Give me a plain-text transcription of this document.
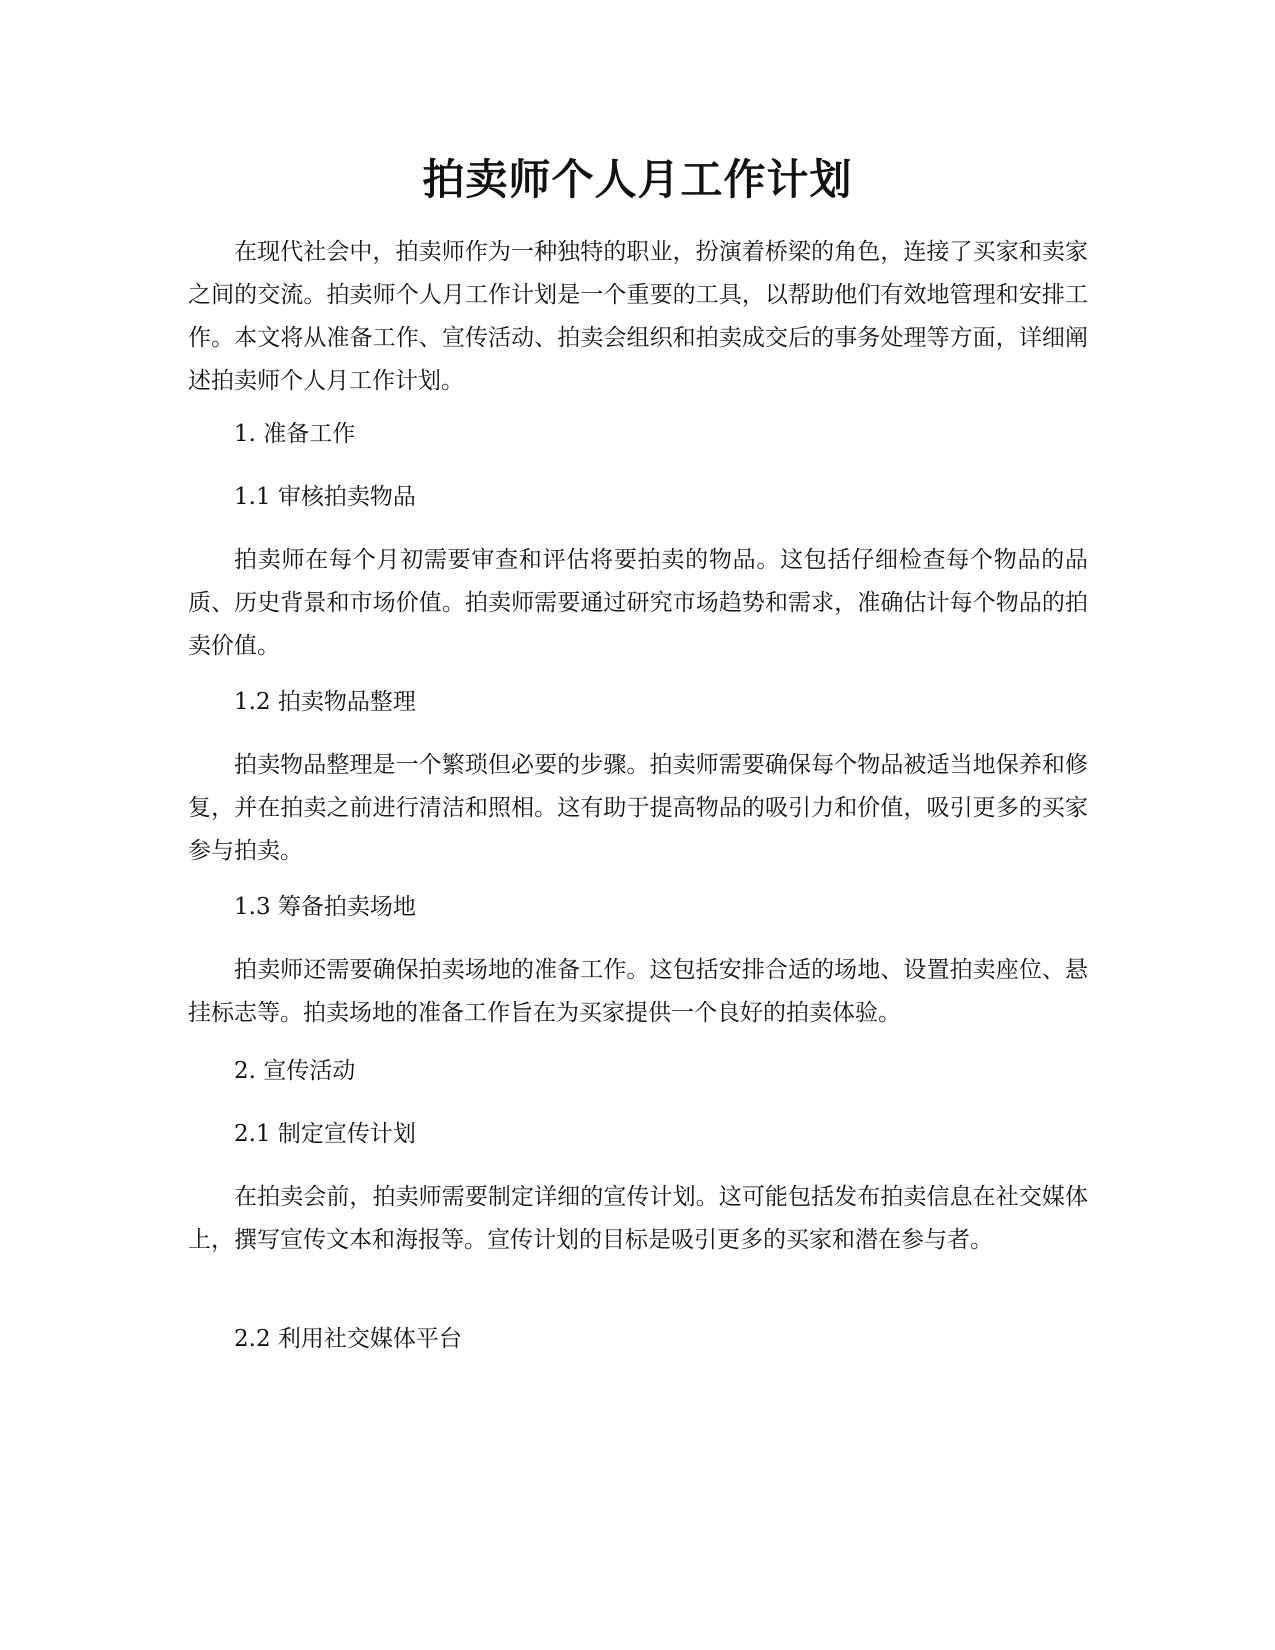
拍卖师个人月工作计划

在现代社会中，拍卖师作为一种独特的职业，扮演着桥梁的角色，连接了买家和卖家之间的交流。拍卖师个人月工作计划是一个重要的工具，以帮助他们有效地管理和安排工作。本文将从准备工作、宣传活动、拍卖会组织和拍卖成交后的事务处理等方面，详细阐述拍卖师个人月工作计划。

1. 准备工作

1.1 审核拍卖物品

拍卖师在每个月初需要审查和评估将要拍卖的物品。这包括仔细检查每个物品的品质、历史背景和市场价值。拍卖师需要通过研究市场趋势和需求，准确估计每个物品的拍卖价值。

1.2 拍卖物品整理

拍卖物品整理是一个繁琐但必要的步骤。拍卖师需要确保每个物品被适当地保养和修复，并在拍卖之前进行清洁和照相。这有助于提高物品的吸引力和价值，吸引更多的买家参与拍卖。

1.3 筹备拍卖场地

拍卖师还需要确保拍卖场地的准备工作。这包括安排合适的场地、设置拍卖座位、悬挂标志等。拍卖场地的准备工作旨在为买家提供一个良好的拍卖体验。

2. 宣传活动

2.1 制定宣传计划

在拍卖会前，拍卖师需要制定详细的宣传计划。这可能包括发布拍卖信息在社交媒体上，撰写宣传文本和海报等。宣传计划的目标是吸引更多的买家和潜在参与者。

2.2 利用社交媒体平台
